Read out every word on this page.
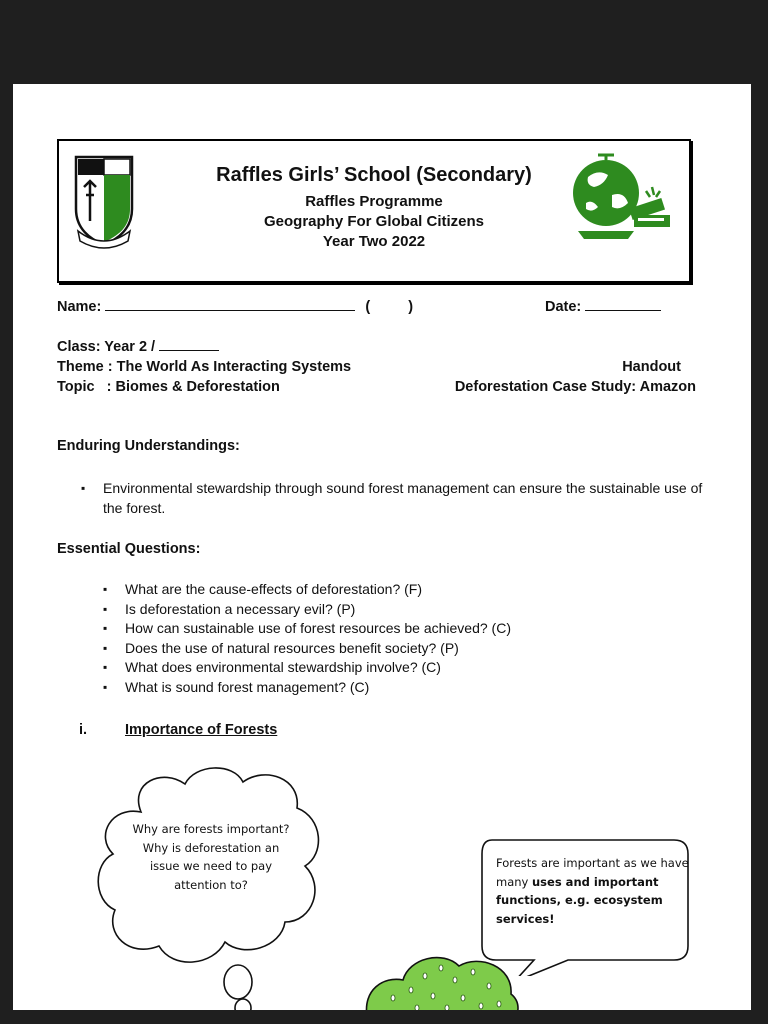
Raffles Girls’ School (Secondary)
Raffles Programme
Geography For Global Citizens
Year Two 2022
Name:	(	)	Date:
Class: Year 2 /
Theme : The World As Interacting Systems	Handout
Topic   : Biomes & Deforestation	Deforestation Case Study: Amazon
Enduring Understandings:
▪ Environmental stewardship through sound forest management can ensure the sustainable use of the forest.
Essential Questions:
▪ What are the cause-effects of deforestation? (F)
▪ Is deforestation a necessary evil? (P)
▪ How can sustainable use of forest resources be achieved? (C)
▪ Does the use of natural resources benefit society? (P)
▪ What does environmental stewardship involve? (C)
▪ What is sound forest management? (C)
i.	Importance of Forests
Why are forests important? Why is deforestation an issue we need to pay attention to?
Forests are important as we have many uses and important functions, e.g. ecosystem services!
